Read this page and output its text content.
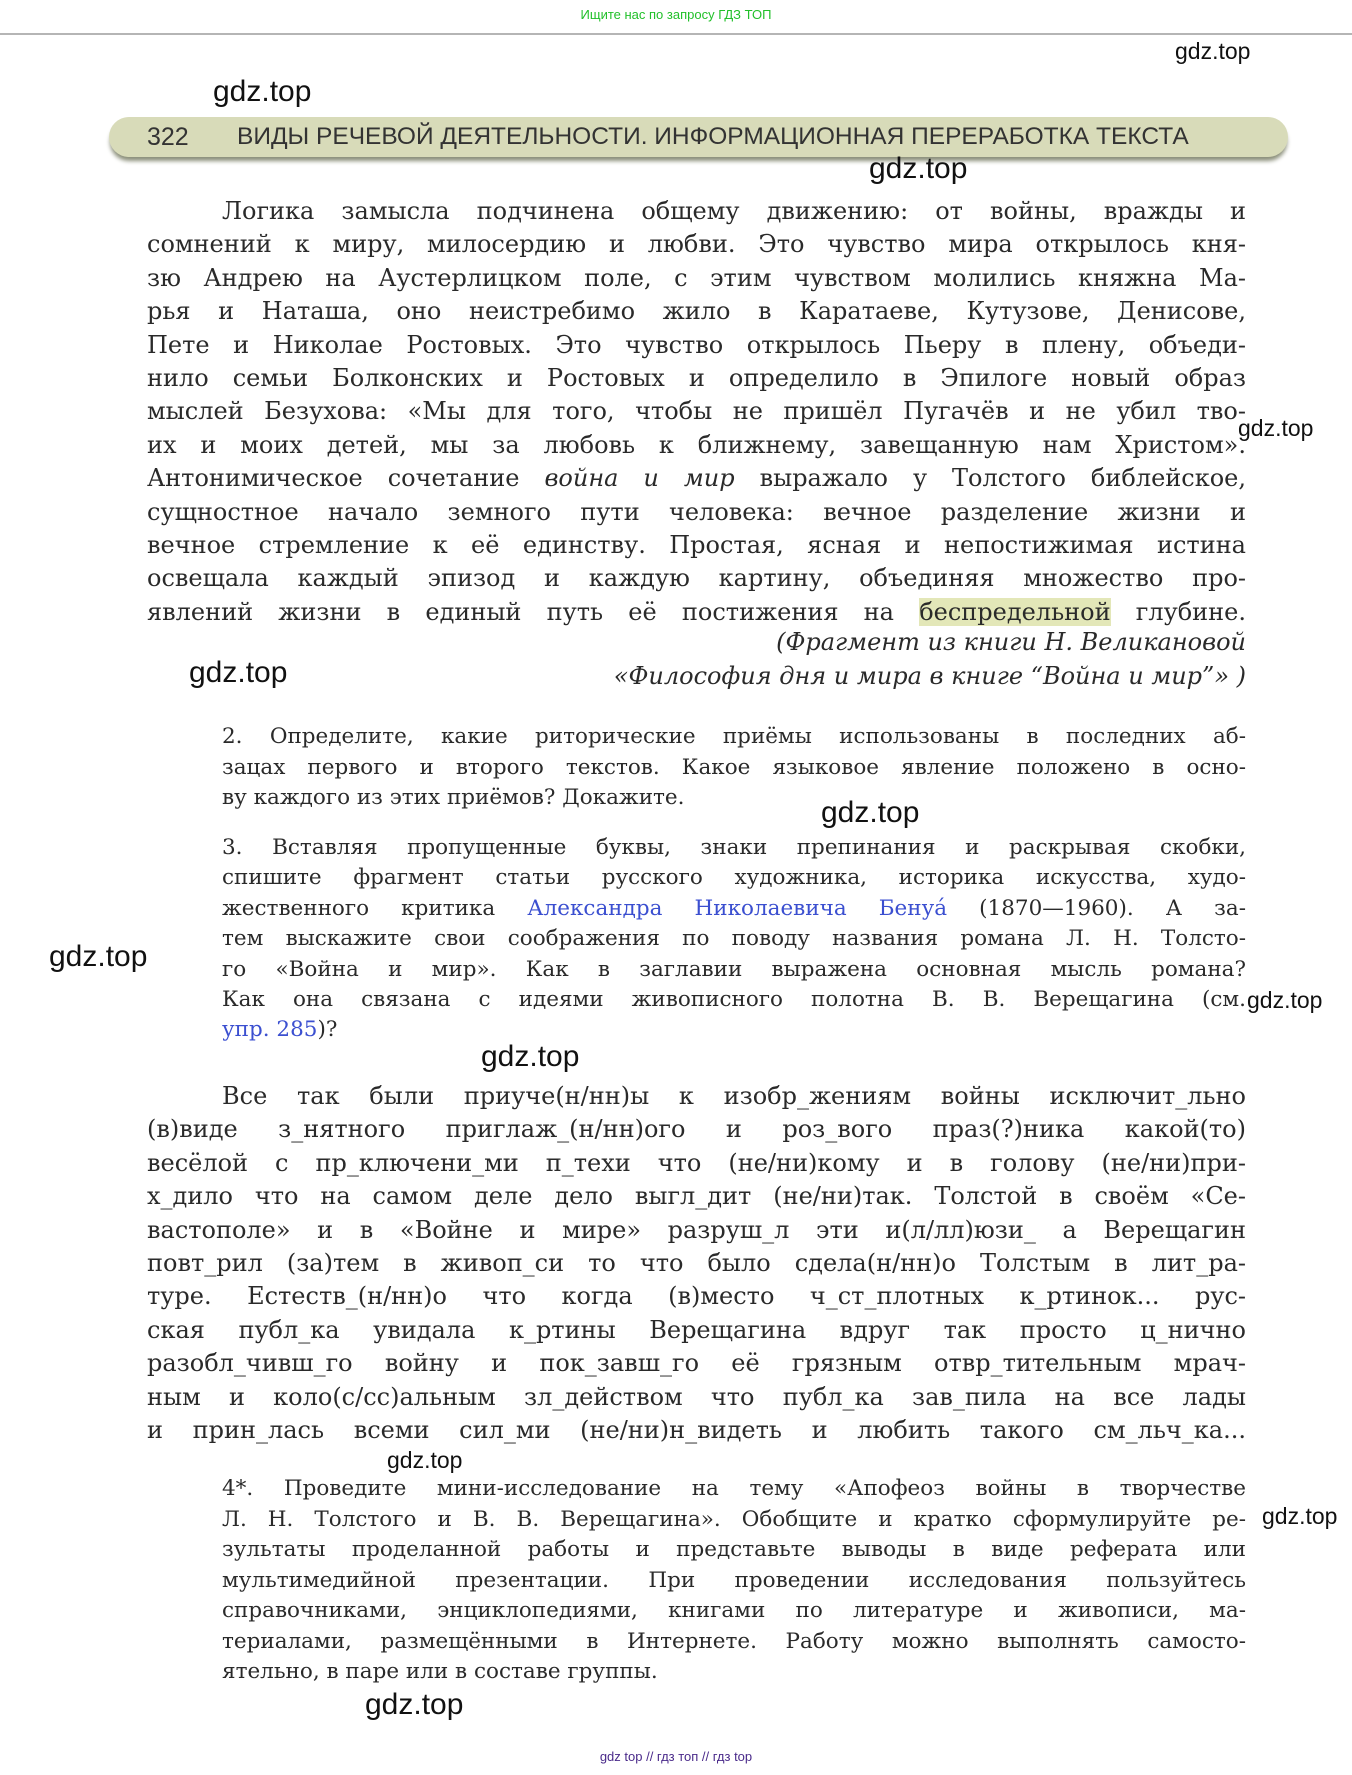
Ищите нас по запросу ГДЗ ТОП
322 ВИДЫ РЕЧЕВОЙ ДЕЯТЕЛЬНОСТИ. ИНФОРМАЦИОННАЯ ПЕРЕРАБОТКА ТЕКСТА
Логика замысла подчинена общему движению: от войны, вражды и
сомнений к миру, милосердию и любви. Это чувство мира открылось кня-
зю Андрею на Аустерлицком поле, с этим чувством молились княжна Ма-
рья и Наташа, оно неистребимо жило в Каратаеве, Кутузове, Денисове,
Пете и Николае Ростовых. Это чувство открылось Пьеру в плену, объеди-
нило семьи Болконских и Ростовых и определило в Эпилоге новый образ
мыслей Безухова: «Мы для того, чтобы не пришёл Пугачёв и не убил тво-
их и моих детей, мы за любовь к ближнему, завещанную нам Христом».
Антонимическое сочетание война и мир выражало у Толстого библейское,
сущностное начало земного пути человека: вечное разделение жизни и
вечное стремление к её единству. Простая, ясная и непостижимая истина
освещала каждый эпизод и каждую картину, объединяя множество про-
явлений жизни в единый путь её постижения на беспредельной глубине.
2. Определите, какие риторические приёмы использованы в последних аб-
зацах первого и второго текстов. Какое языковое явление положено в осно-
ву каждого из этих приёмов? Докажите.
3. Вставляя пропущенные буквы, знаки препинания и раскрывая скобки,
спишите фрагмент статьи русского художника, историка искусства, худо-
жественного критика Александра Николаевича Бенуа́ (1870—1960). А за-
тем выскажите свои соображения по поводу названия романа Л. Н. Толсто-
го «Война и мир». Как в заглавии выражена основная мысль романа?
Как она связана с идеями живописного полотна В. В. Верещагина (см.
упр. 285)?
Все так были приуче(н/нн)ы к изобр_жениям войны исключит_льно
(в)виде з_нятного приглаж_(н/нн)ого и роз_вого праз(?)ника какой(то)
весёлой с пр_ключени_ми п_техи что (не/ни)кому и в голову (не/ни)при-
х_дило что на самом деле дело выгл_дит (не/ни)так. Толстой в своём «Се-
вастополе» и в «Войне и мире» разруш_л эти и(л/лл)юзи_ а Верещагин
повт_рил (за)тем в живоп_си то что было сдела(н/нн)о Толстым в лит_ра-
туре. Естеств_(н/нн)о что когда (в)место ч_ст_плотных к_ртинок... рус-
ская публ_ка увидала к_ртины Верещагина вдруг так просто ц_нично
разобл_чивш_го войну и пок_завш_го её грязным отвр_тительным мрач-
ным и коло(с/сс)альным зл_действом что публ_ка зав_пила на все лады
и прин_лась всеми сил_ми (не/ни)н_видеть и любить такого см_льч_ка...
4*. Проведите мини-исследование на тему «Апофеоз войны в творчестве
Л. Н. Толстого и В. В. Верещагина». Обобщите и кратко сформулируйте ре-
зультаты проделанной работы и представьте выводы в виде реферата или
мультимедийной презентации. При проведении исследования пользуйтесь
справочниками, энциклопедиями, книгами по литературе и живописи, ма-
териалами, размещёнными в Интернете. Работу можно выполнять самосто-
ятельно, в паре или в составе группы.
(Фрагмент из книги Н. Великановой
«Философия дня и мира в книге “Война и мир”» )
gdz.top
gdz.top
gdz.top
gdz.top
gdz.top
gdz.top
gdz.top
gdz.top
gdz.top
gdz.top
gdz.top
gdz.top
gdz top // гдз топ // гдз top
